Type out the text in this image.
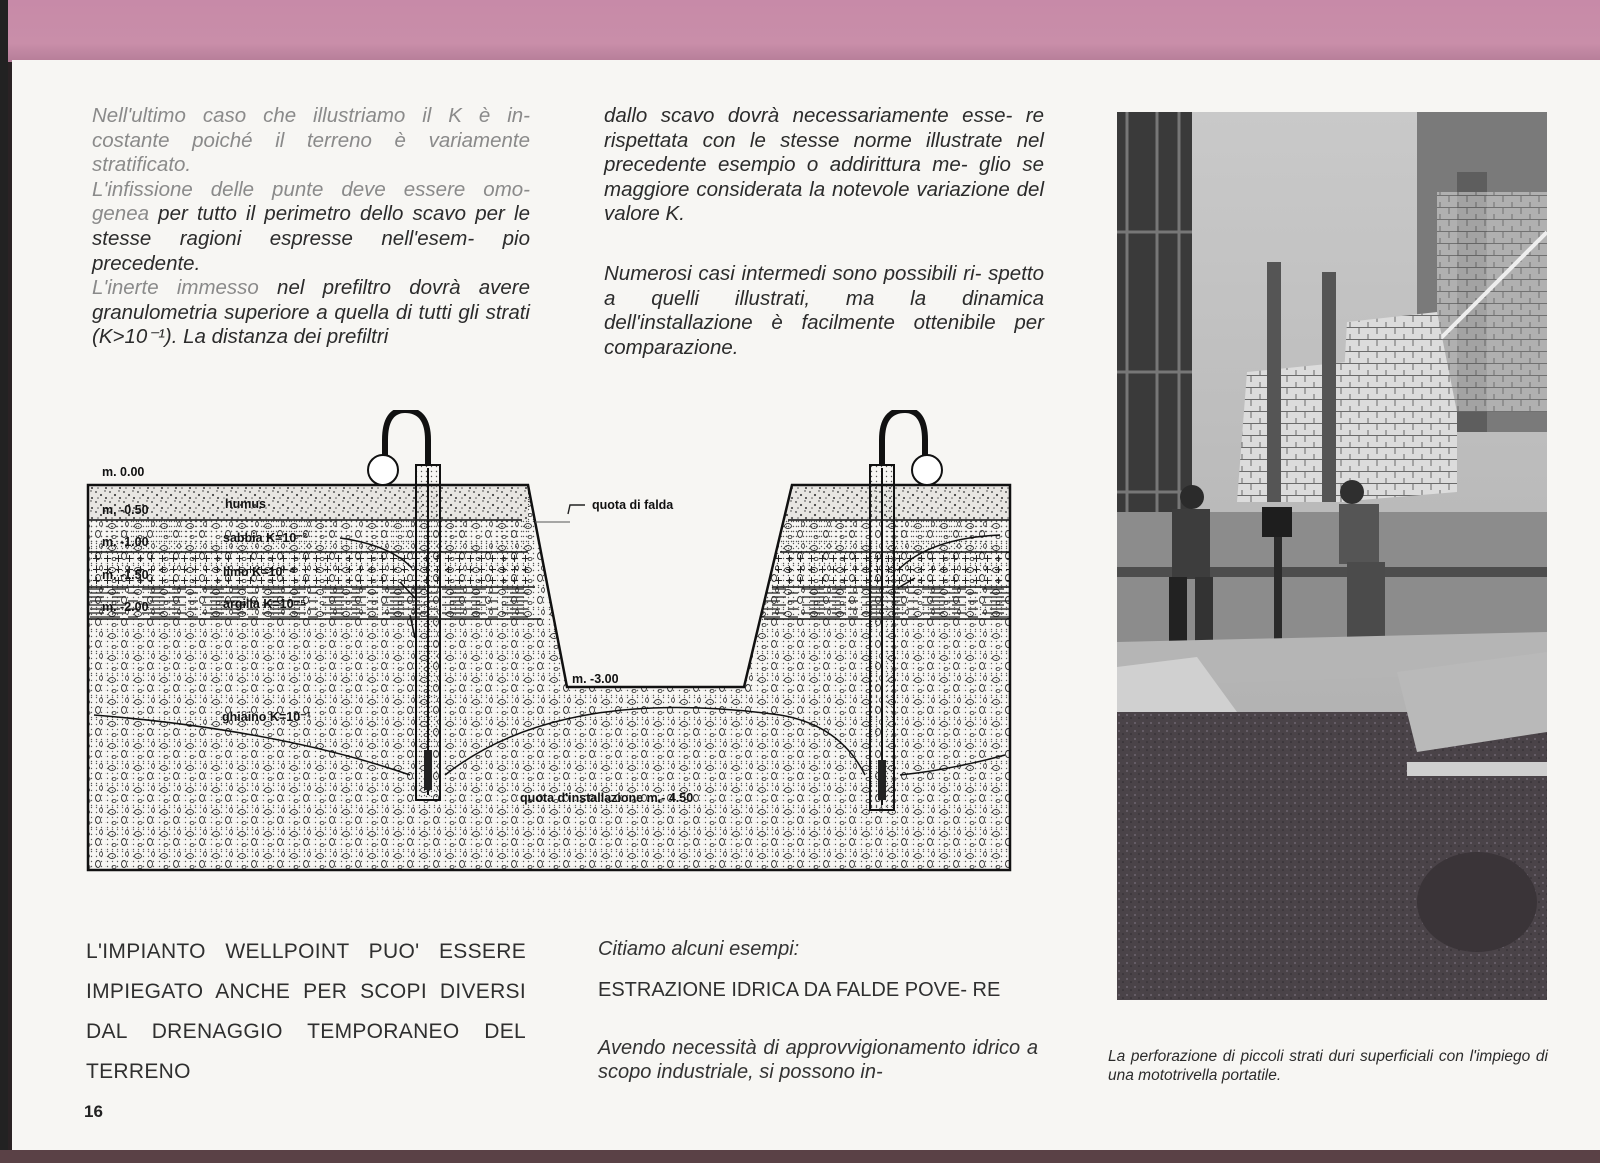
Nell'ultimo caso che illustriamo il K è in- costante poiché il terreno è variamente stratificato.

L'infissione delle punte deve essere omo- genea per tutto il perimetro dello scavo per le stesse ragioni espresse nell'esem- pio precedente.

L'inerte immesso nel prefiltro dovrà avere granulometria superiore a quella di tutti gli strati (K>10⁻¹). La distanza dei prefiltri

dallo scavo dovrà necessariamente esse- re rispettata con le stesse norme illustrate nel precedente esempio o addirittura me- glio se maggiore considerata la notevole variazione del valore K.
Numerosi casi intermedi sono possibili ri- spetto a quelli illustrati, ma la dinamica dell'installazione è facilmente ottenibile per comparazione.
m. 0.00
m. -0.50
m. -1.00
m. -1.50
m. -2.00
humus
sabbia K=10⁻²
limo K=10⁻⁴
argilla K=10⁻⁵
ghiaino K=10⁻¹
quota di falda
m. -3.00
quota d'installazione m.- 4.50
L'IMPIANTO WELLPOINT PUO' ESSERE IMPIEGATO ANCHE PER SCOPI DIVERSI DAL DRENAGGIO TEMPORANEO DEL TERRENO
Citiamo alcuni esempi:
ESTRAZIONE IDRICA DA FALDE POVE- RE
Avendo necessità di approvvigionamento idrico a scopo industriale, si possono in-
16
La perforazione di piccoli strati duri superficiali con l'impiego di una mototrivella portatile.
